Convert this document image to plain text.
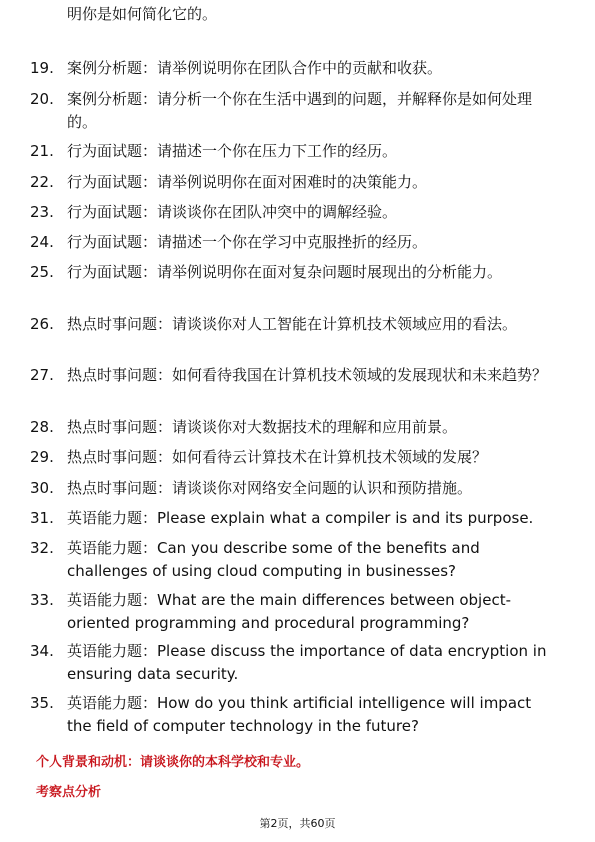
明你是如何简化它的。
19. 案例分析题：请举例说明你在团队合作中的贡献和收获。
20. 案例分析题：请分析一个你在生活中遇到的问题，并解释你是如何处理的。
21. 行为面试题：请描述一个你在压力下工作的经历。
22. 行为面试题：请举例说明你在面对困难时的决策能力。
23. 行为面试题：请谈谈你在团队冲突中的调解经验。
24. 行为面试题：请描述一个你在学习中克服挫折的经历。
25. 行为面试题：请举例说明你在面对复杂问题时展现出的分析能力。
26. 热点时事问题：请谈谈你对人工智能在计算机技术领域应用的看法。
27. 热点时事问题：如何看待我国在计算机技术领域的发展现状和未来趋势？
28. 热点时事问题：请谈谈你对大数据技术的理解和应用前景。
29. 热点时事问题：如何看待云计算技术在计算机技术领域的发展？
30. 热点时事问题：请谈谈你对网络安全问题的认识和预防措施。
31. 英语能力题：Please explain what a compiler is and its purpose.
32. 英语能力题：Can you describe some of the benefits and challenges of using cloud computing in businesses?
33. 英语能力题：What are the main differences between object-oriented programming and procedural programming?
34. 英语能力题：Please discuss the importance of data encryption in ensuring data security.
35. 英语能力题：How do you think artificial intelligence will impact the field of computer technology in the future?
个人背景和动机：请谈谈你的本科学校和专业。
考察点分析
第2页，共60页
